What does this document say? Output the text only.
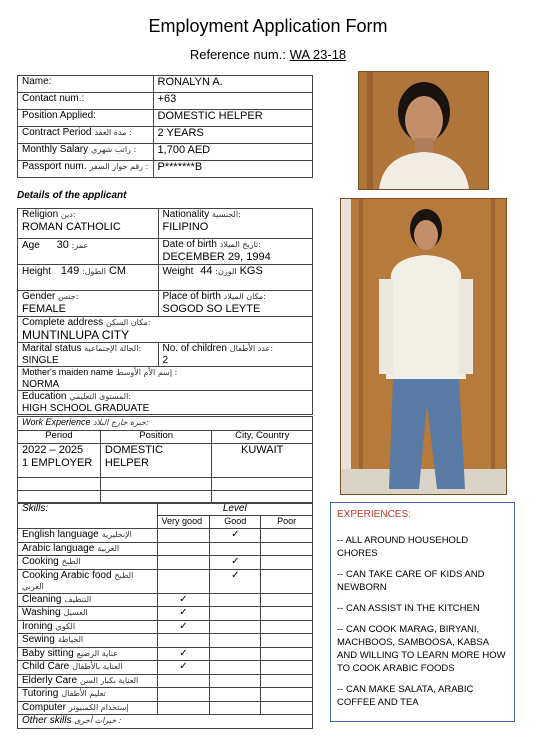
Employment Application Form
Reference num.: WA 23-18
Name:	RONALYN A.
Contact num.:	+63
Position Applied:	DOMESTIC HELPER
Contract Period مدة العقد :	2 YEARS
Monthly Salary راتب شهري :	1,700 AED
Passport num. رقم جواز السفر :	P*******B
Details of the applicant
Religion دين:
ROMAN CATHOLIC	Nationality الجنسية:
FILIPINO
Age عمر: 30	Date of birth تاريخ الميلاد:
DECEMBER 29, 1994
Height الطول: 149 CM	Weight الوزن: 44 KGS
Gender جنس:
FEMALE	Place of birth مكان الميلاد:
SOGOD SO LEYTE
Complete address مكان السكن:
MUNTINLUPA CITY	
Marital status الحالة الإجتماعية:
SINGLE	No. of children عدد الأطفال:
2
Mother's maiden name إسم الأم الأوسط :
NORMA	
Education المستوى التعليمي:
HIGH SCHOOL GRADUATE	
Work Experience خبرة خارج البلاد:		
Period	Position	City, Country
2022 – 2025
1 EMPLOYER	DOMESTIC HELPER	KUWAIT

Skills:	Level		
	Very good	Good	Poor
English language الإنجليزية		✓	
Arabic language العربية			
Cooking الطبخ		✓	
Cooking Arabic food الطبخ العربي		✓	
Cleaning التنظيف	✓		
Washing الغسيل	✓		
Ironing الكوي	✓		
Sewing الخياطة			
Baby sitting عناية الرضيع	✓		
Child Care العناية بالأطفال	✓		
Elderly Care العناية بكبار السن			
Tutoring تعليم الأطفال			
Computer إستخدام الكمبيوتر			
Other skills خبرات أخرى :			
EXPERIENCES:
-- ALL AROUND HOUSEHOLD CHORES
-- CAN TAKE CARE OF KIDS AND NEWBORN
-- CAN ASSIST IN THE KITCHEN
-- CAN COOK MARAG, BIRYANI, MACHBOOS, SAMBOOSA, KABSA AND WILLING TO LEARN MORE HOW TO COOK ARABIC FOODS
-- CAN MAKE SALATA, ARABIC COFFEE AND TEA
